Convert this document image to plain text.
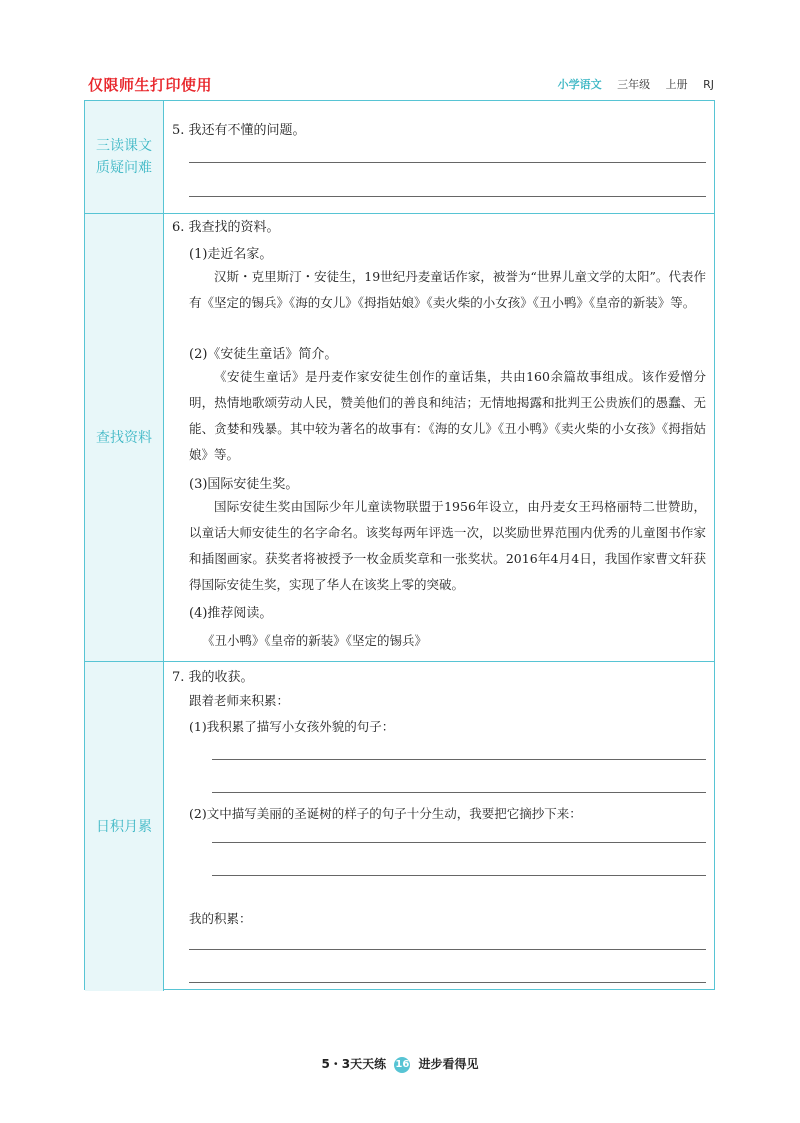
仅限师生打印使用	小学语文 三年级 上册 RJ
三读课文
质疑问难
5. 我还有不懂的问题。
查找资料
6. 我查找的资料。
(1)走近名家。
汉斯・克里斯汀・安徒生，19世纪丹麦童话作家，被誉为“世界儿童文学的太阳”。代表作有《坚定的锡兵》《海的女儿》《拇指姑娘》《卖火柴的小女孩》《丑小鸭》《皇帝的新装》等。
(2)《安徒生童话》简介。
《安徒生童话》是丹麦作家安徒生创作的童话集，共由160余篇故事组成。该作爱憎分明，热情地歌颂劳动人民，赞美他们的善良和纯洁；无情地揭露和批判王公贵族们的愚蠢、无能、贪婪和残暴。其中较为著名的故事有：《海的女儿》《丑小鸭》《卖火柴的小女孩》《拇指姑娘》等。
(3)国际安徒生奖。
国际安徒生奖由国际少年儿童读物联盟于1956年设立，由丹麦女王玛格丽特二世赞助，以童话大师安徒生的名字命名。该奖每两年评选一次，以奖励世界范围内优秀的儿童图书作家和插图画家。获奖者将被授予一枚金质奖章和一张奖状。2016年4月4日，我国作家曹文轩获得国际安徒生奖，实现了华人在该奖上零的突破。
(4)推荐阅读。
《丑小鸭》《皇帝的新装》《坚定的锡兵》
日积月累
7. 我的收获。
跟着老师来积累：
(1)我积累了描写小女孩外貌的句子：
(2)文中描写美丽的圣诞树的样子的句子十分生动，我要把它摘抄下来：
我的积累：
5・3天天练 16 进步看得见
